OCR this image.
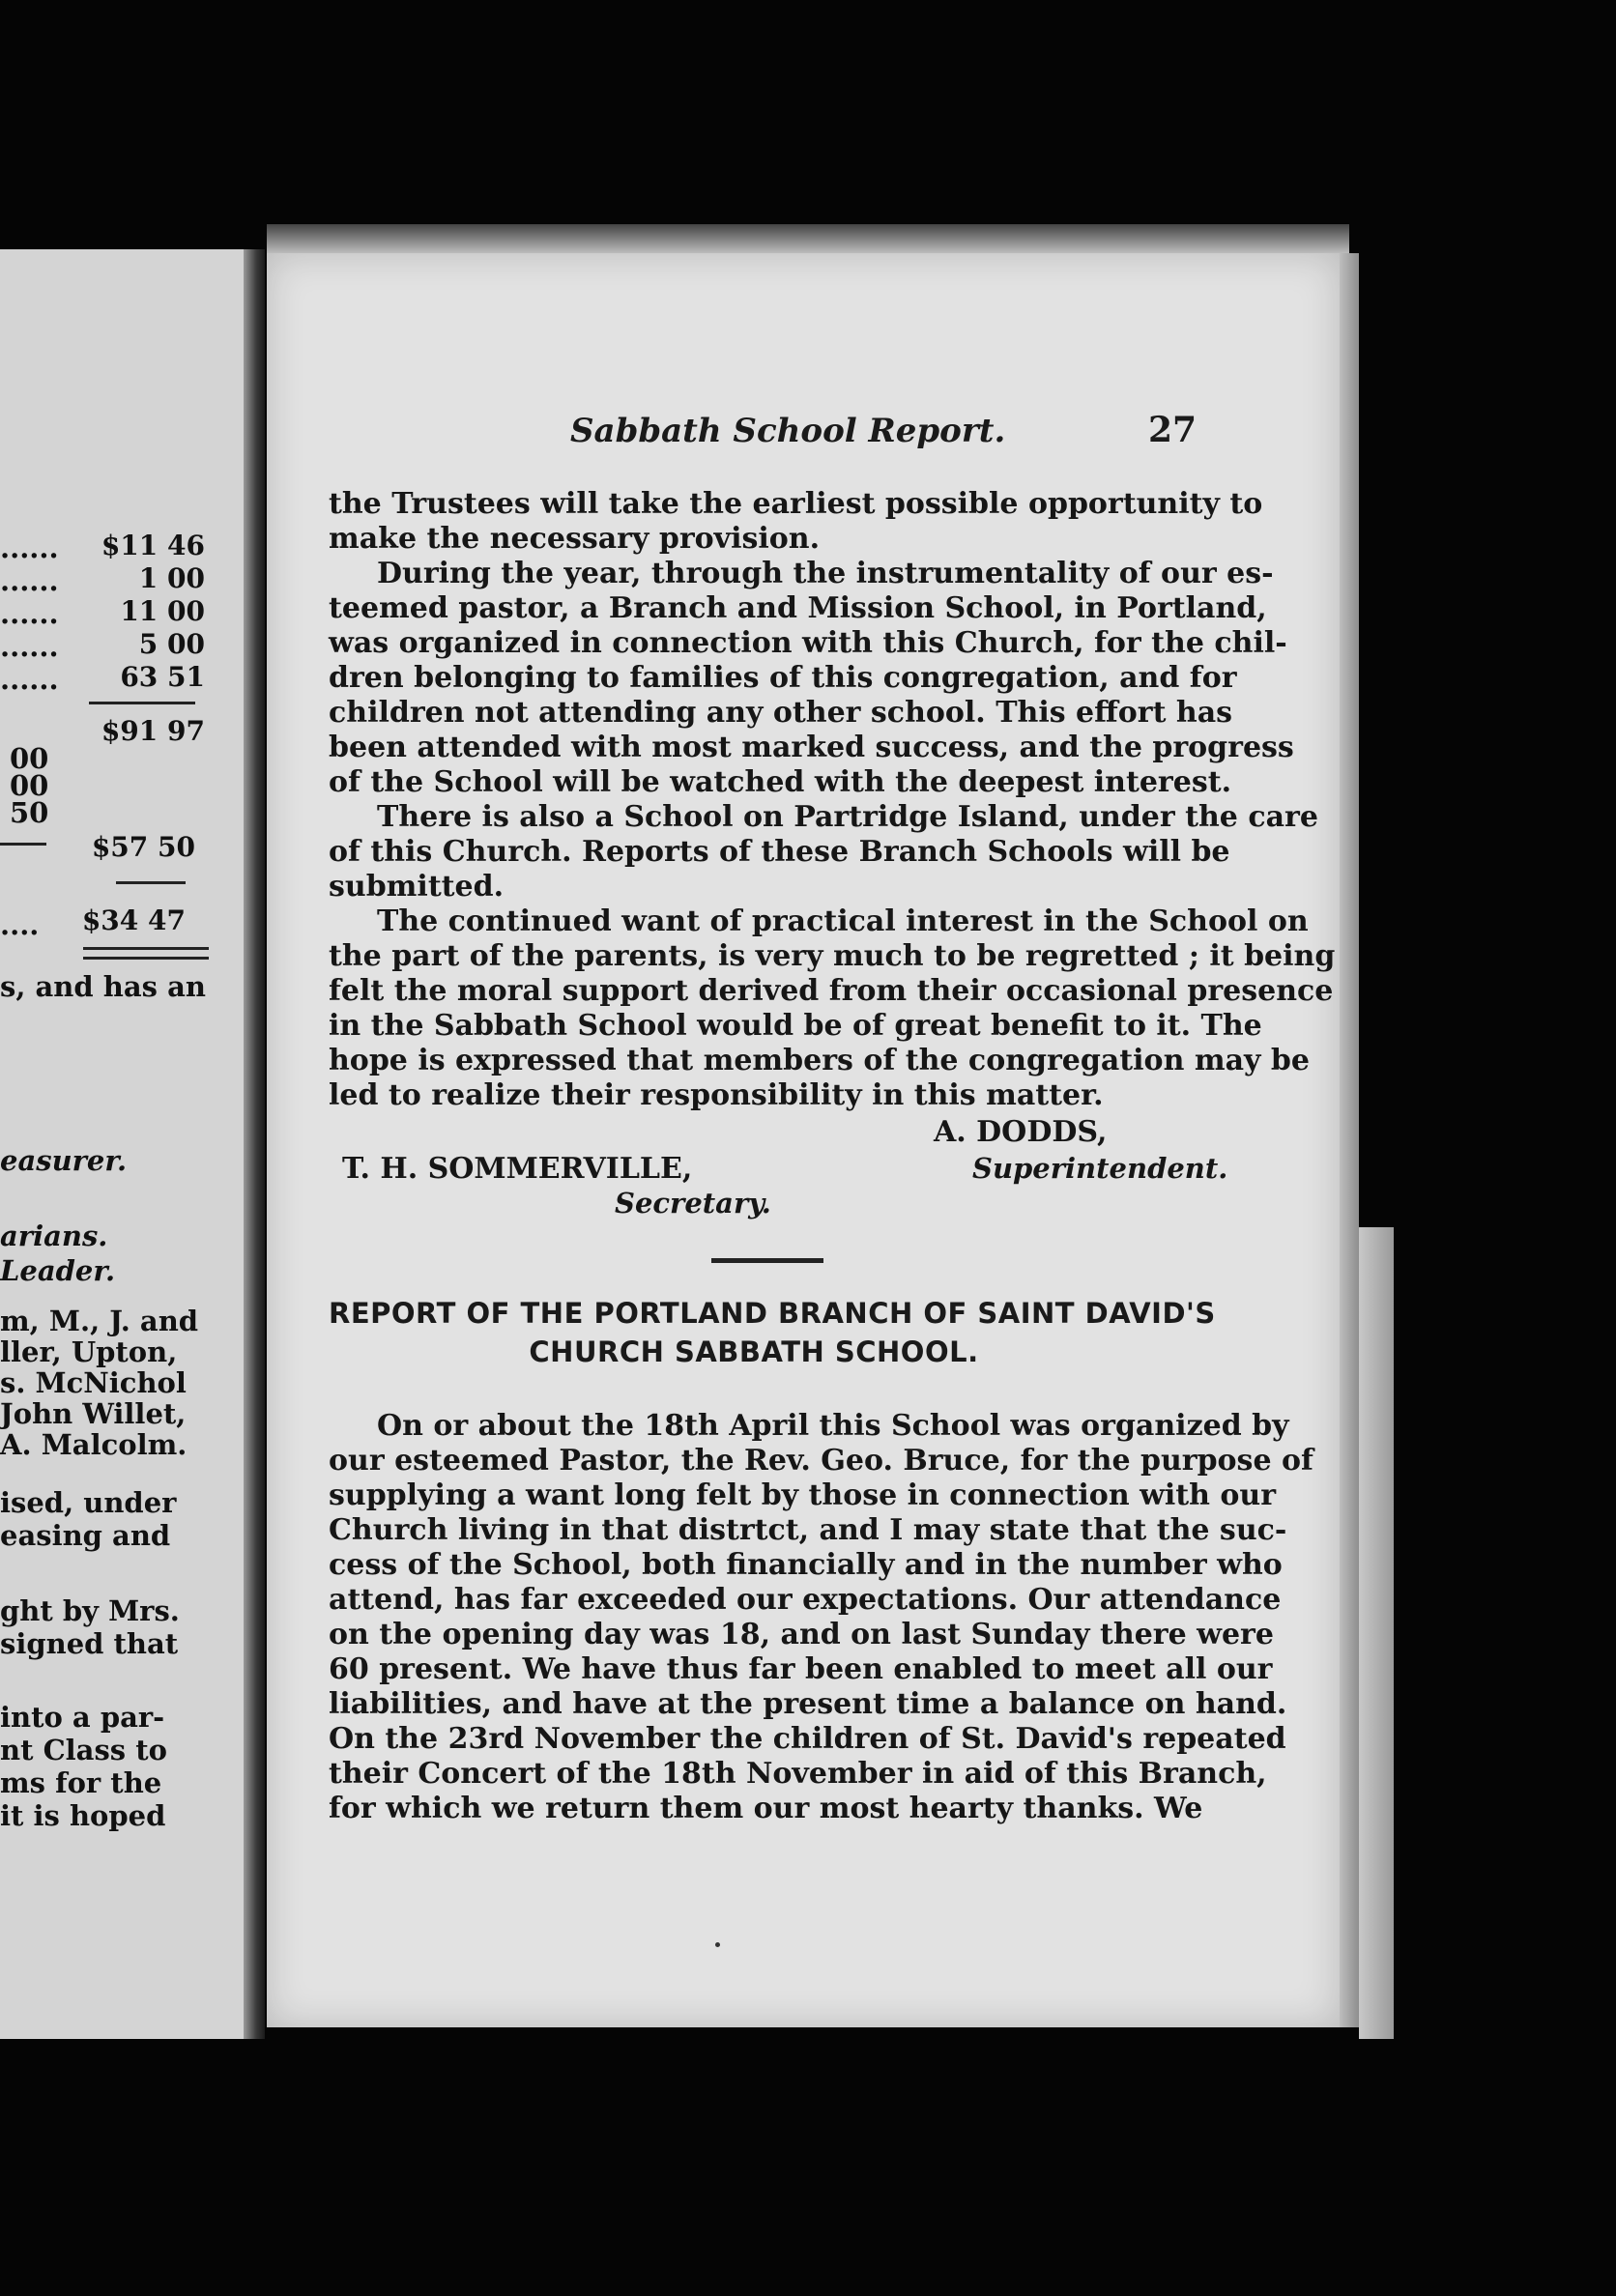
...... $11 46
......	1 00
...... 11 00
......	5 00
...... 63 51
$91 97
00
00
50
$57 50
.... $34 47
s, and has an
easurer.
arians.
Leader.
m, M., J. and
ller, Upton,
s. McNichol
John Willet,
A. Malcolm.
ised, under
easing and
ght by Mrs.
signed that
into a par-
nt Class to
ms for the
it is hoped
Sabbath School Report.	27
the Trustees will take the earliest possible opportunity to
make the necessary provision.
During the year, through the instrumentality of our es-
teemed pastor, a Branch and Mission School, in Portland,
was organized in connection with this Church, for the chil-
dren belonging to families of this congregation, and for
children not attending any other school. This effort has
been attended with most marked success, and the progress
of the School will be watched with the deepest interest.
There is also a School on Partridge Island, under the care
of this Church. Reports of these Branch Schools will be
submitted.
The continued want of practical interest in the School on
the part of the parents, is very much to be regretted ; it being
felt the moral support derived from their occasional presence
in the Sabbath School would be of great benefit to it. The
hope is expressed that members of the congregation may be
led to realize their responsibility in this matter.
A. DODDS,
T. H. SOMMERVILLE,	Superintendent.
Secretary.
REPORT OF THE PORTLAND BRANCH OF SAINT DAVID'S
CHURCH SABBATH SCHOOL.
On or about the 18th April this School was organized by
our esteemed Pastor, the Rev. Geo. Bruce, for the purpose of
supplying a want long felt by those in connection with our
Church living in that distrtct, and I may state that the suc-
cess of the School, both financially and in the number who
attend, has far exceeded our expectations. Our attendance
on the opening day was 18, and on last Sunday there were
60 present. We have thus far been enabled to meet all our
liabilities, and have at the present time a balance on hand.
On the 23rd November the children of St. David's repeated
their Concert of the 18th November in aid of this Branch,
for which we return them our most hearty thanks. We
